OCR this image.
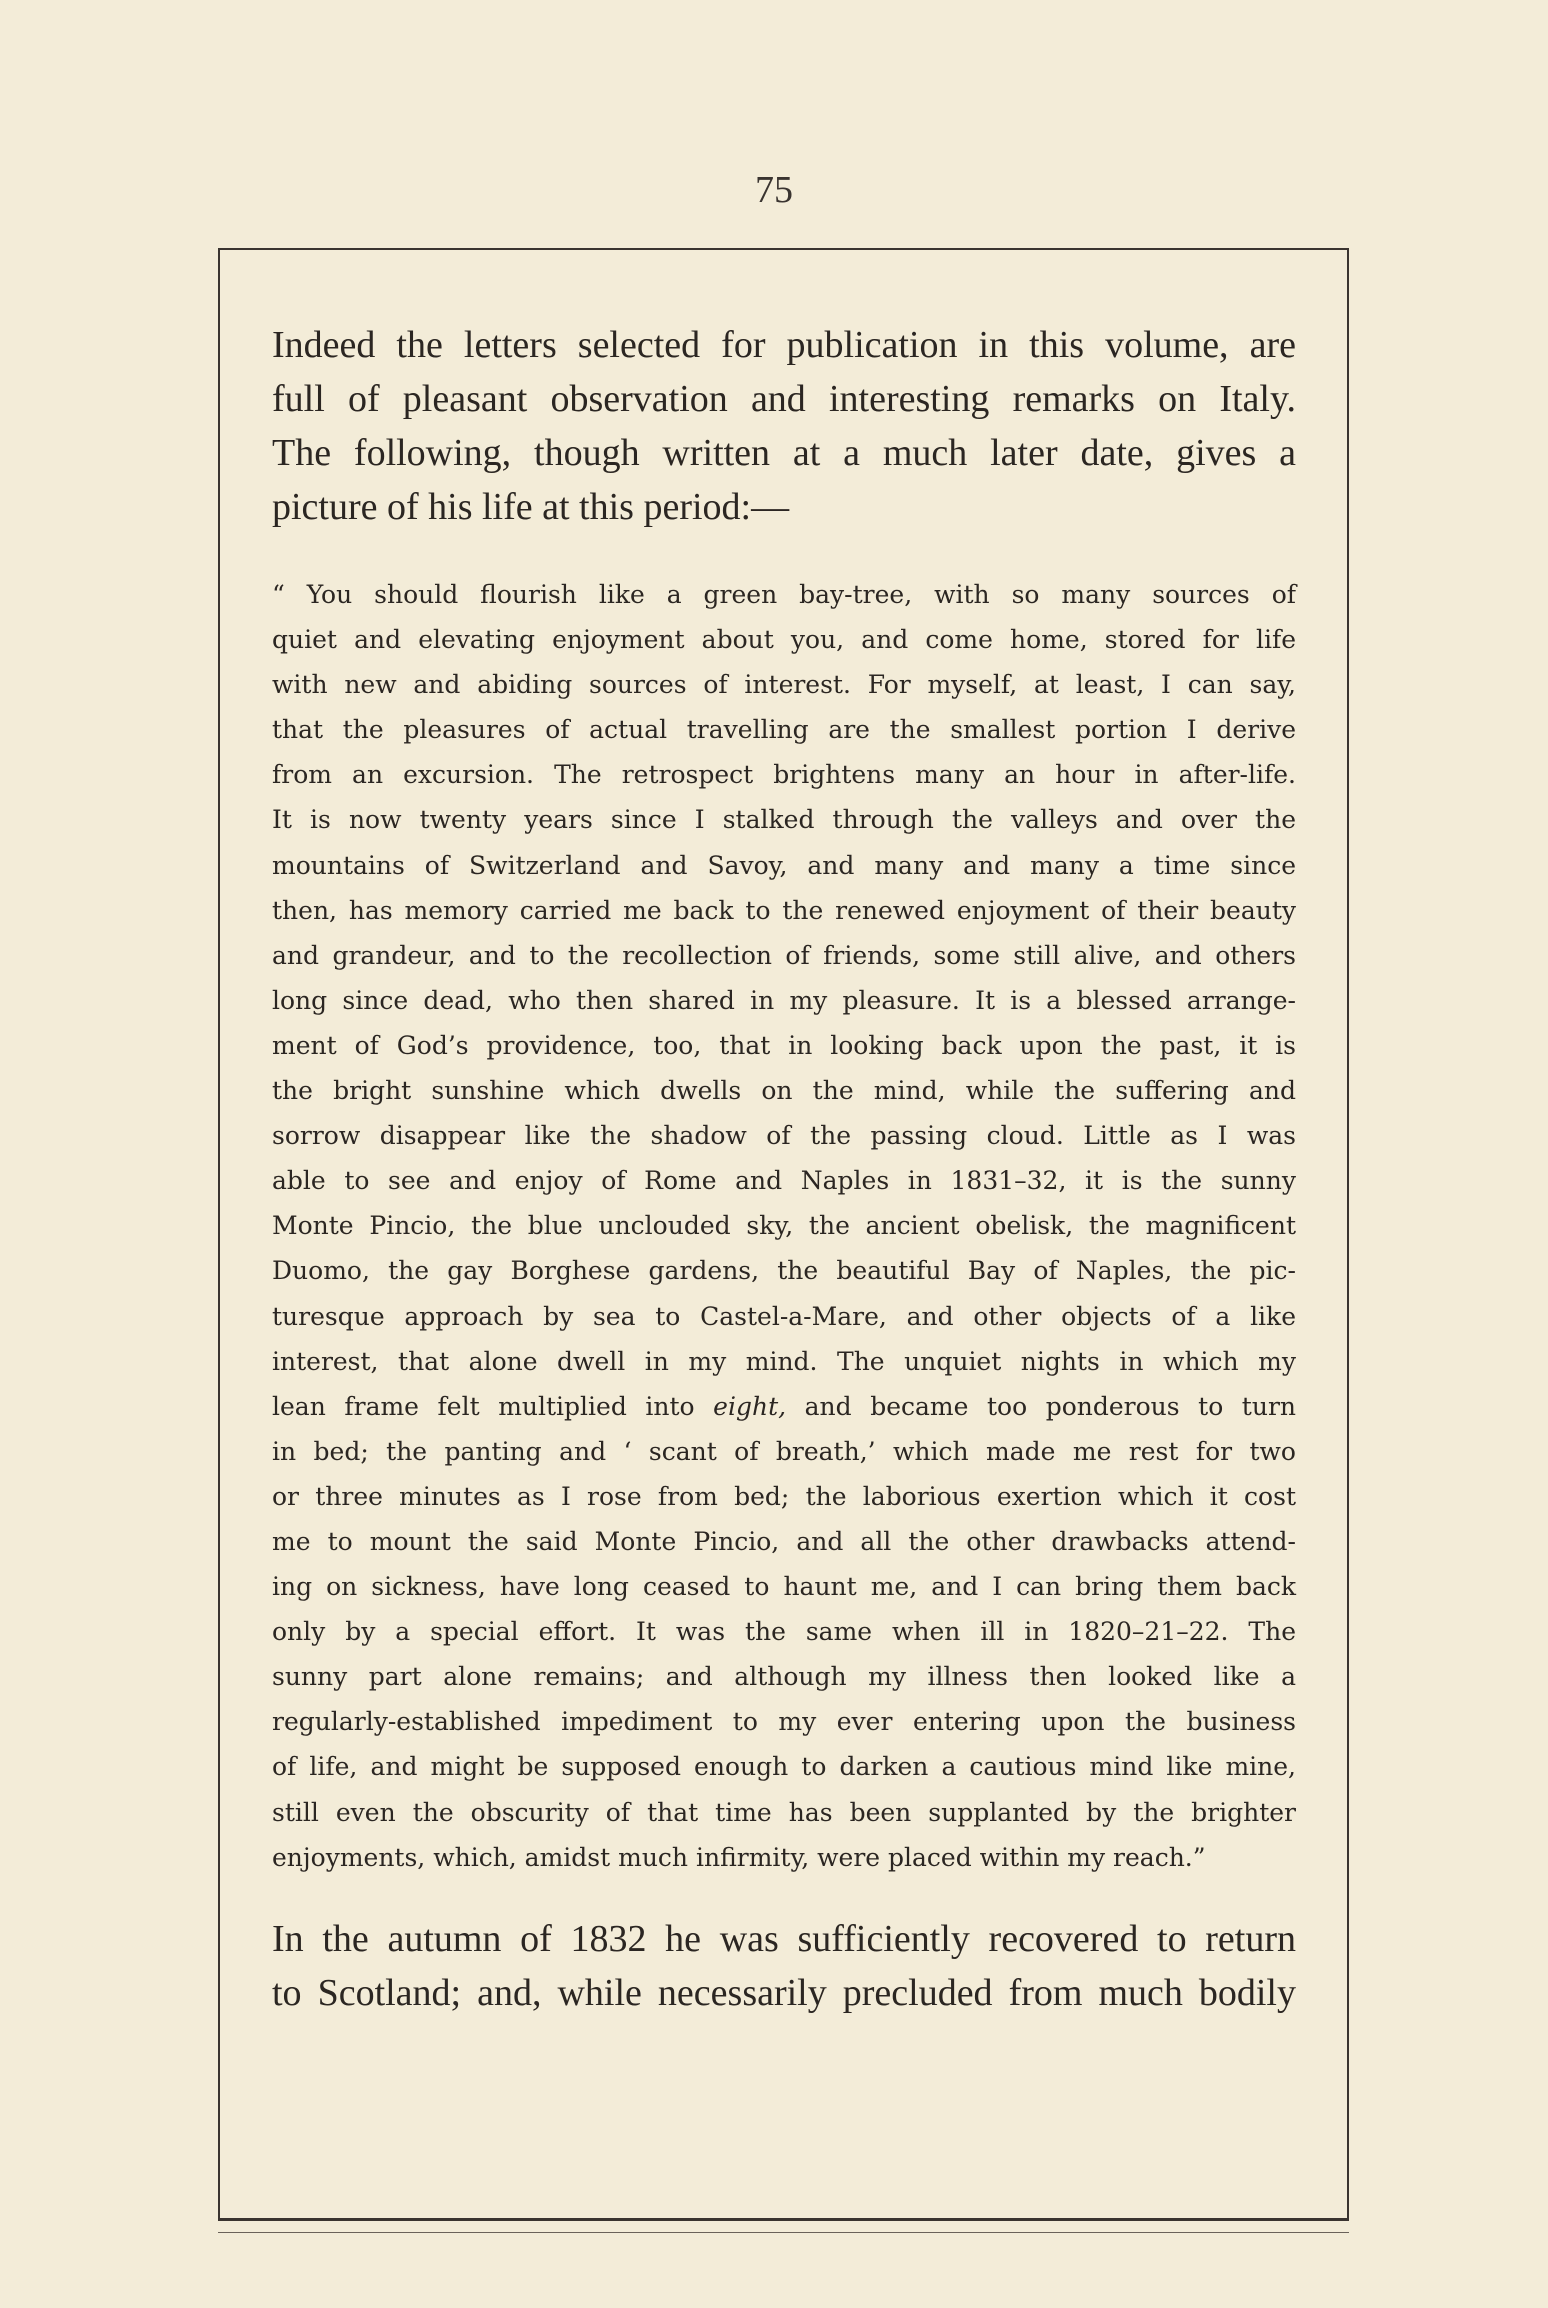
75

Indeed the letters selected for publication in this volume, are
full of pleasant observation and interesting remarks on Italy.
The following, though written at a much later date, gives a
picture of his life at this period:—

“ You should flourish like a green bay-tree, with so many sources of
quiet and elevating enjoyment about you, and come home, stored for life
with new and abiding sources of interest. For myself, at least, I can say,
that the pleasures of actual travelling are the smallest portion I derive
from an excursion. The retrospect brightens many an hour in after-life.
It is now twenty years since I stalked through the valleys and over the
mountains of Switzerland and Savoy, and many and many a time since
then, has memory carried me back to the renewed enjoyment of their beauty
and grandeur, and to the recollection of friends, some still alive, and others
long since dead, who then shared in my pleasure. It is a blessed arrange-
ment of God’s providence, too, that in looking back upon the past, it is
the bright sunshine which dwells on the mind, while the suffering and
sorrow disappear like the shadow of the passing cloud. Little as I was
able to see and enjoy of Rome and Naples in 1831–32, it is the sunny
Monte Pincio, the blue unclouded sky, the ancient obelisk, the magnificent
Duomo, the gay Borghese gardens, the beautiful Bay of Naples, the pic-
turesque approach by sea to Castel-a-Mare, and other objects of a like
interest, that alone dwell in my mind. The unquiet nights in which my
lean frame felt multiplied into eight, and became too ponderous to turn
in bed; the panting and ‘ scant of breath,’ which made me rest for two
or three minutes as I rose from bed; the laborious exertion which it cost
me to mount the said Monte Pincio, and all the other drawbacks attend-
ing on sickness, have long ceased to haunt me, and I can bring them back
only by a special effort. It was the same when ill in 1820–21–22. The
sunny part alone remains; and although my illness then looked like a
regularly-established impediment to my ever entering upon the business
of life, and might be supposed enough to darken a cautious mind like mine,
still even the obscurity of that time has been supplanted by the brighter
enjoyments, which, amidst much infirmity, were placed within my reach.”

In the autumn of 1832 he was sufficiently recovered to return
to Scotland; and, while necessarily precluded from much bodily
